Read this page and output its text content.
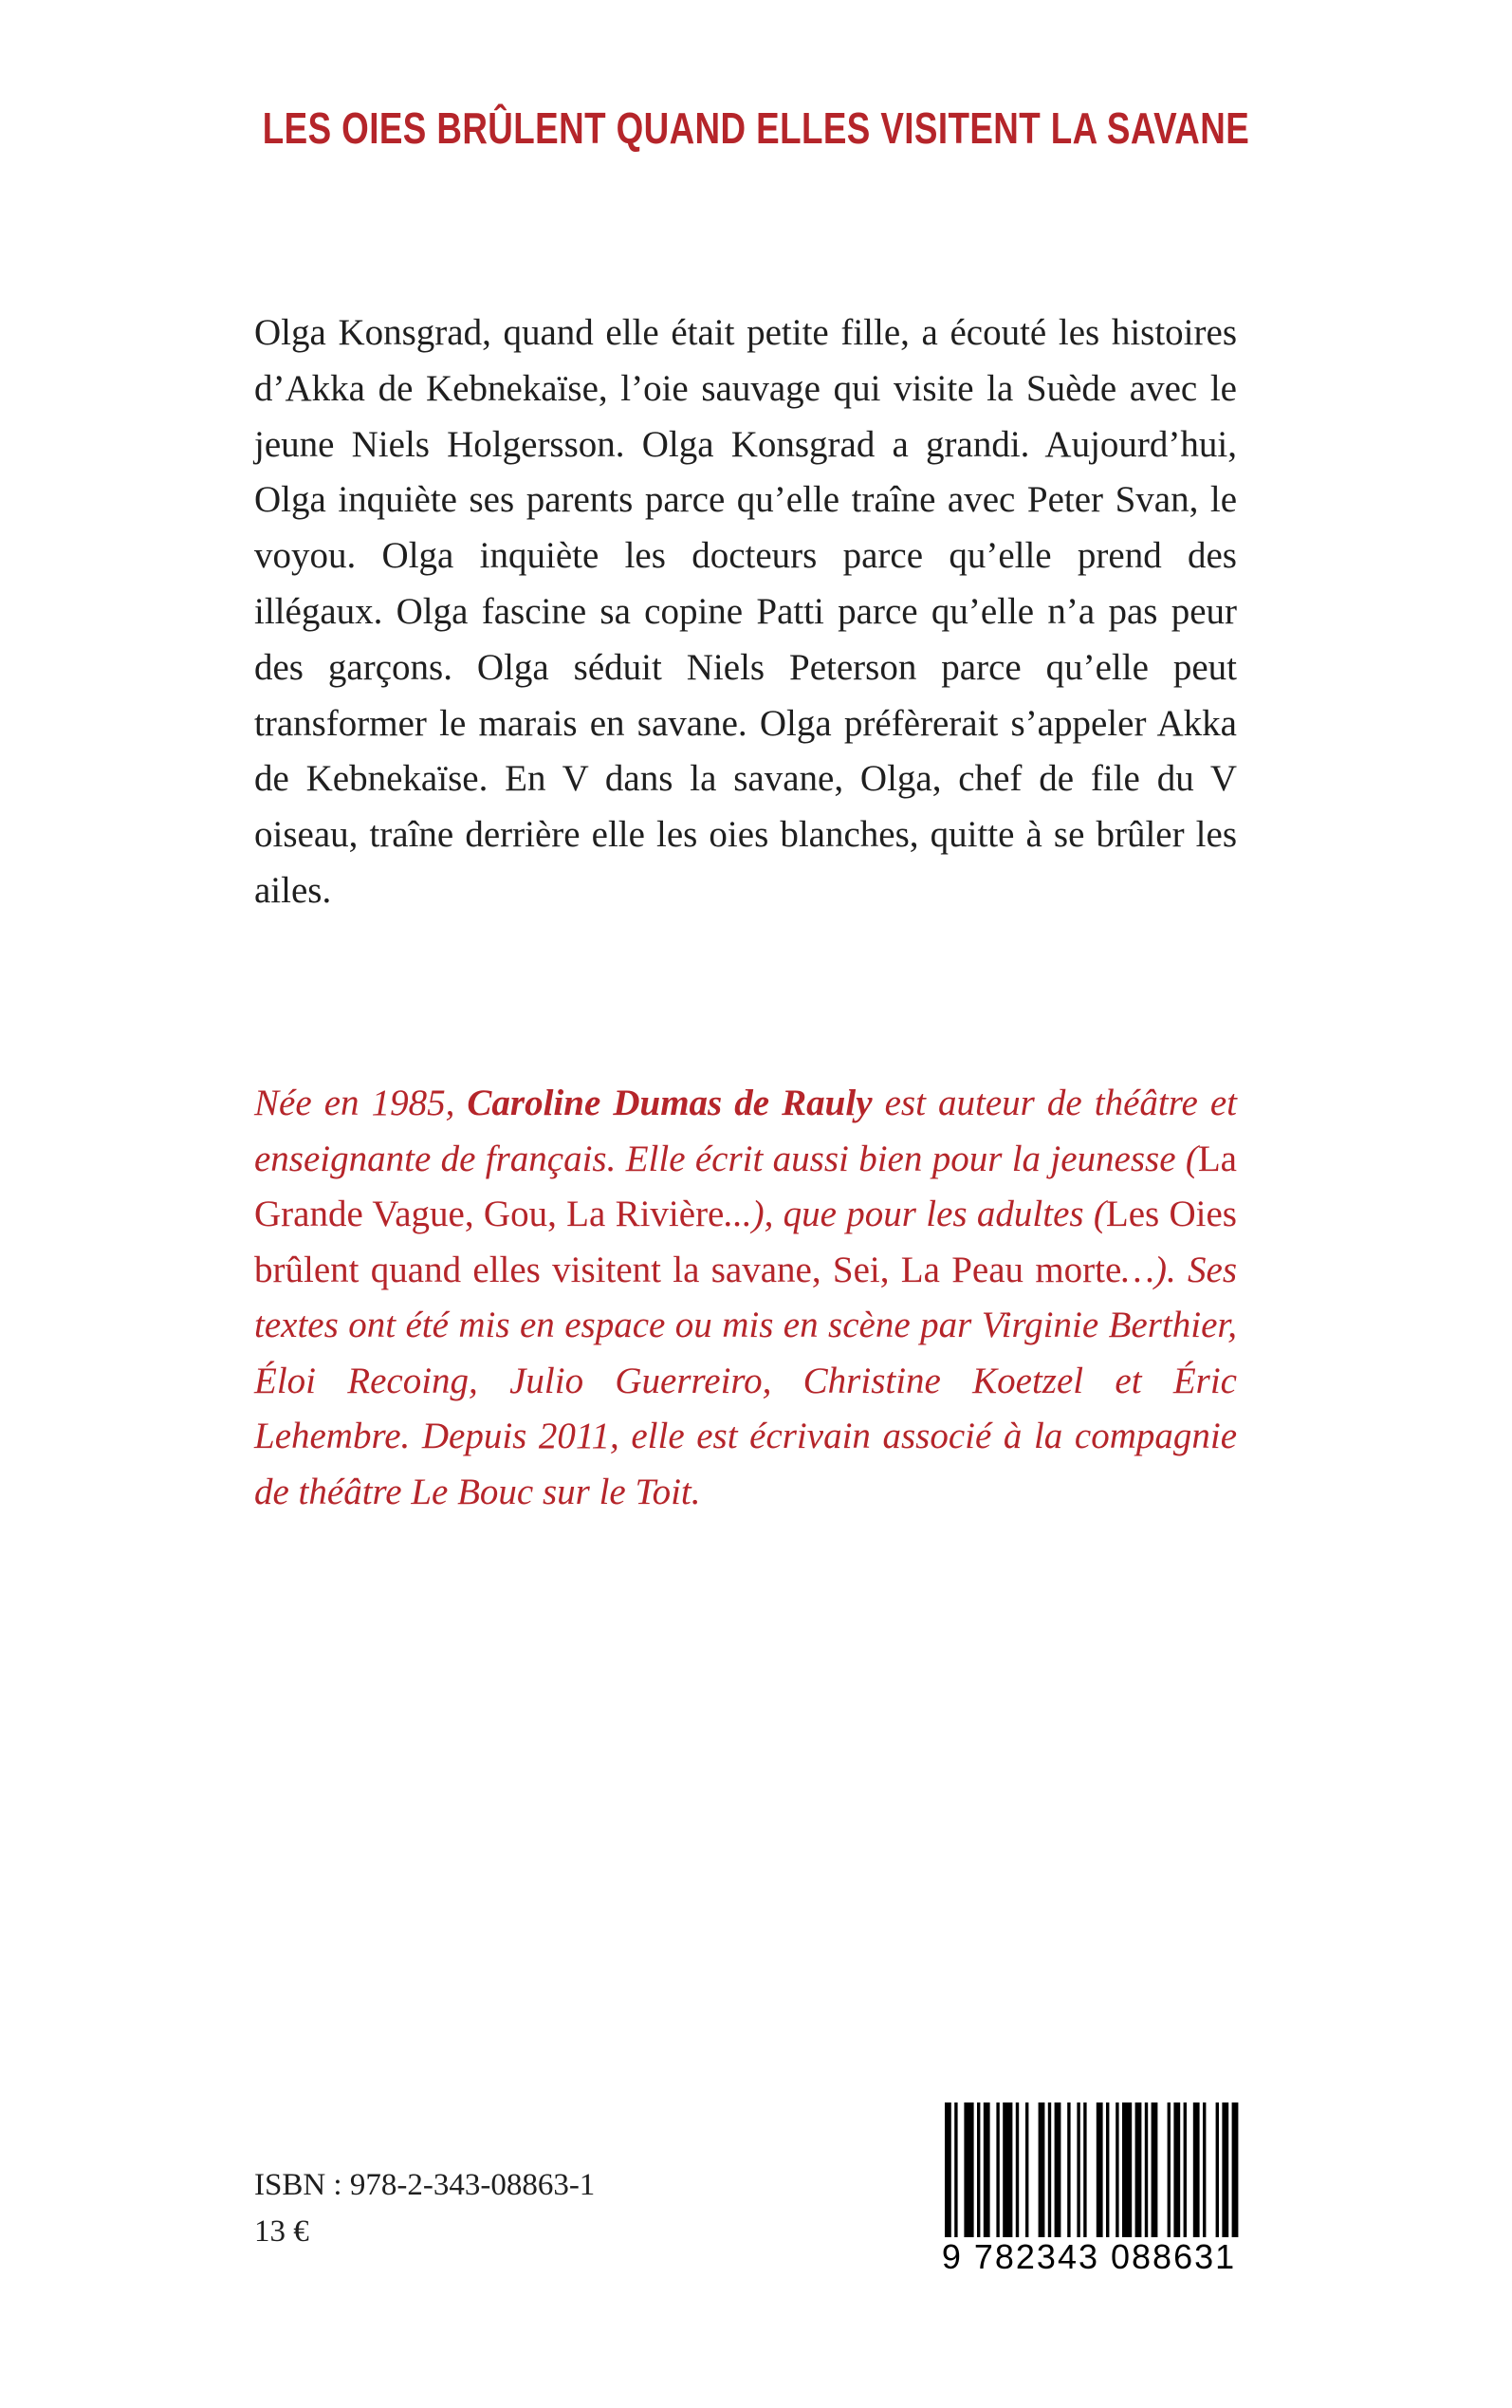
LES OIES BRÛLENT QUAND ELLES VISITENT LA SAVANE

Olga Konsgrad, quand elle était petite fille, a écouté les histoires d’Akka de Kebnekaïse, l’oie sauvage qui visite la Suède avec le jeune Niels Holgersson. Olga Konsgrad a grandi. Aujourd’hui, Olga inquiète ses parents parce qu’elle traîne avec Peter Svan, le voyou. Olga inquiète les docteurs parce qu’elle prend des illégaux. Olga fascine sa copine Patti parce qu’elle n’a pas peur des garçons. Olga séduit Niels Peterson parce qu’elle peut transformer le marais en savane. Olga préfèrerait s’appeler Akka de Kebnekaïse. En V dans la savane, Olga, chef de file du V oiseau, traîne derrière elle les oies blanches, quitte à se brûler les ailes.

Née en 1985, Caroline Dumas de Rauly est auteur de théâtre et enseignante de français. Elle écrit aussi bien pour la jeunesse (La Grande Vague, Gou, La Rivière...), que pour les adultes (Les Oies brûlent quand elles visitent la savane, Sei, La Peau morte…). Ses textes ont été mis en espace ou mis en scène par Virginie Berthier, Éloi Recoing, Julio Guerreiro, Christine Koetzel et Éric Lehembre. Depuis 2011, elle est écrivain associé à la compagnie de théâtre Le Bouc sur le Toit.

ISBN : 978-2-343-08863-1
13 €
9 782343 088631
